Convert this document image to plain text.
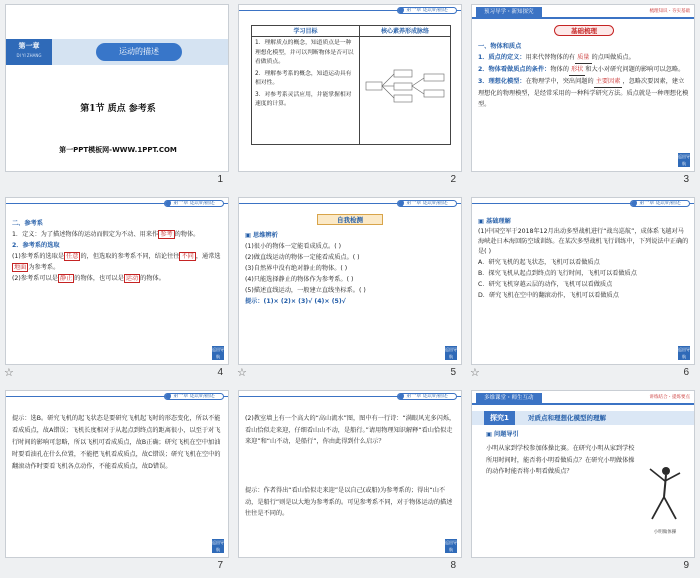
第一章
DI YI ZHANG	运动的描述
第1节 质点 参考系
第一PPT模板网-WWW.1PPT.COM
1
第一章 运动的描述
学习目标	核心素养形成脉络
1．理解质点的概念，知道质点是一种理想化模型，并可以判断物体是否可以看做质点。
2．理解参考系的概念，知道运动具有相对性。
3．对参考系灵活应用，并能掌握相对速度的计算。
2
预习导学・新知探究	梳理知识・夯实基础
基础梳理
一、物体和质点
1．质点的定义：用来代替物体的有 质量 的点叫做质点。
2．物体看做质点的条件：物体的 形状 和大小对研究问题的影响可以忽略。
3．理想化模型：在物理学中，突出问题的 主要因素 ，忽略次要因素，建立理想化的物理模型，是经常采用的一种科学研究方法。质点就是一种理想化模型。
返回导航
3
第一章 运动的描述
二、参考系
1．定义：为了描述物体的运动而假定为不动、用来作 参考 的物体。
2．参考系的选取
(1)参考系的选取是 任意 的，但选取的参考系不同，结论往往 不同 ，通常选地面 为参考系。
(2)参考系可以是 静止 的物体，也可以是 运动 的物体。
返回导航
☆	4
第一章 运动的描述
自我检测
▣ 思维辨析
(1)很小的物体一定能看成质点。( )
(2)做直线运动的物体一定能看成质点。( )
(3)自然界中没有绝对静止的物体。( )
(4)只能选择静止的物体作为参考系。( )
(5)描述直线运动，一般建立直线坐标系。( )
提示：(1)× (2)× (3)√ (4)× (5)√
返回导航
☆	5
第一章 运动的描述
▣ 基础理解
(1)中国空军于2018年12月出动多型战机进行“战鸟巡航”，成体系飞越对马海峡赴日本海回防空域训练。在某次多型战机飞行训练中，下列说法中正确的是( )
A．研究飞机的起飞状态，飞机可以看做质点
B．探究飞机从起点到终点的飞行时间，飞机可以看做质点
C．研究飞机穿越云层的动作，飞机可以看做质点
D．研究飞机在空中的翻滚动作，飞机可以看做质点
返回导航
☆	6
第一章 运动的描述
提示：选B。研究飞机的起飞状态是要研究飞机起飞时的形态变化，所以不能看成质点，故A错误；飞机长度相对于从起点到终点的距离很小，以至于对飞行时间的影响可忽略，所以飞机可看成质点，故B正确；研究飞机在空中加油时要看油孔在什么位置，不能把飞机看成质点，故C错误；研究飞机在空中的翻滚动作时要看飞机各点动作，不能看成质点，故D错误。
返回导航
7
第一章 运动的描述
(2)教室墙上有一个高大的“高山流水”图，图中有一行诗：“满眼风光多闪烁，看山恰似走来迎，仔细看山山不动，是船行。”请用物理知识解释“看山恰似走来迎”和“山不动，是船行”，你由此得到什么启示？
提示：作者得出“看山恰似走来迎”是以自己(或船)为参考系的；得出“山不动，是船行”则是以大地为参考系的。可见参考系不同，对于物体运动的描述往往是不同的。
返回导航
8
多维课堂・师生互动	讲练结合・提炼要点
探究1	对质点和理想化模型的理解
▣ 问题导引
小明从家到学校参加体操比赛。在研究小明从家到学校所用时间时，能否将小明看做质点？在研究小明做体操的动作时能否将小明看做质点？
小明做体操
9
